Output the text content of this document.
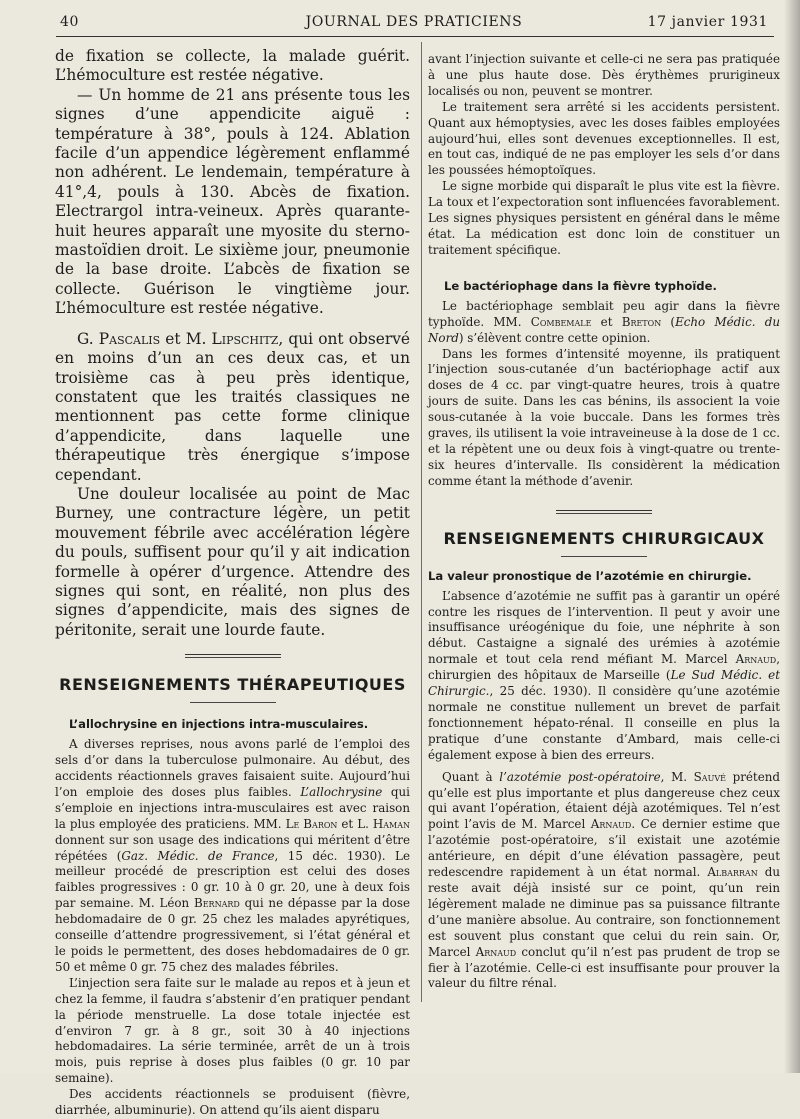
40	JOURNAL DES PRATICIENS	17 janvier 1931

de fixation se collecte, la malade guérit. L’hémoculture est restée négative.

— Un homme de 21 ans présente tous les signes d’une appendicite aiguë : température à 38°, pouls à 124. Ablation facile d’un appendice légèrement enflammé non adhérent. Le lendemain, température à 41°,4, pouls à 130. Abcès de fixation. Electrargol intra-veineux. Après quarante-huit heures apparaît une myosite du sterno-mastoïdien droit. Le sixième jour, pneumonie de la base droite. L’abcès de fixation se collecte. Guérison le vingtième jour. L’hémoculture est restée négative.

G. Pascalis et M. Lipschitz, qui ont observé en moins d’un an ces deux cas, et un troisième cas à peu près identique, constatent que les traités classiques ne mentionnent pas cette forme clinique d’appendicite, dans laquelle une thérapeutique très énergique s’impose cependant.

Une douleur localisée au point de Mac Burney, une contracture légère, un petit mouvement fébrile avec accélération légère du pouls, suffisent pour qu’il y ait indication formelle à opérer d’urgence. Attendre des signes qui sont, en réalité, non plus des signes d’appendicite, mais des signes de péritonite, serait une lourde faute.

RENSEIGNEMENTS THÉRAPEUTIQUES

L’allochrysine en injections intra-musculaires.

A diverses reprises, nous avons parlé de l’emploi des sels d’or dans la tuberculose pulmonaire. Au début, des accidents réactionnels graves faisaient suite. Aujourd’hui l’on emploie des doses plus faibles. L’allochrysine qui s’emploie en injections intra-musculaires est avec raison la plus employée des praticiens. MM. Le Baron et L. Haman donnent sur son usage des indications qui méritent d’être répétées (Gaz. Médic. de France, 15 déc. 1930). Le meilleur procédé de prescription est celui des doses faibles progressives : 0 gr. 10 à 0 gr. 20, une à deux fois par semaine. M. Léon Bernard qui ne dépasse par la dose hebdomadaire de 0 gr. 25 chez les malades apyrétiques, conseille d’attendre progressivement, si l’état général et le poids le permettent, des doses hebdomadaires de 0 gr. 50 et même 0 gr. 75 chez des malades fébriles.

L’injection sera faite sur le malade au repos et à jeun et chez la femme, il faudra s’abstenir d’en pratiquer pendant la période menstruelle. La dose totale injectée est d’environ 7 gr. à 8 gr., soit 30 à 40 injections hebdomadaires. La série terminée, arrêt de un à trois mois, puis reprise à doses plus faibles (0 gr. 10 par semaine).

Des accidents réactionnels se produisent (fièvre, diarrhée, albuminurie). On attend qu’ils aient disparu

avant l’injection suivante et celle-ci ne sera pas pratiquée à une plus haute dose. Dès érythèmes prurigineux localisés ou non, peuvent se montrer.

Le traitement sera arrêté si les accidents persistent. Quant aux hémoptysies, avec les doses faibles employées aujourd’hui, elles sont devenues exceptionnelles. Il est, en tout cas, indiqué de ne pas employer les sels d’or dans les poussées hémoptoïques.

Le signe morbide qui disparaît le plus vite est la fièvre. La toux et l’expectoration sont influencées favorablement. Les signes physiques persistent en général dans le même état. La médication est donc loin de constituer un traitement spécifique.

Le bactériophage dans la fièvre typhoïde.

Le bactériophage semblait peu agir dans la fièvre typhoïde. MM. Combemale et Breton (Echo Médic. du Nord) s’élèvent contre cette opinion.

Dans les formes d’intensité moyenne, ils pratiquent l’injection sous-cutanée d’un bactériophage actif aux doses de 4 cc. par vingt-quatre heures, trois à quatre jours de suite. Dans les cas bénins, ils associent la voie sous-cutanée à la voie buccale. Dans les formes très graves, ils utilisent la voie intraveineuse à la dose de 1 cc. et la répètent une ou deux fois à vingt-quatre ou trente-six heures d’intervalle. Ils considèrent la médication comme étant la méthode d’avenir.

RENSEIGNEMENTS CHIRURGICAUX

La valeur pronostique de l’azotémie en chirurgie.

L’absence d’azotémie ne suffit pas à garantir un opéré contre les risques de l’intervention. Il peut y avoir une insuffisance uréogénique du foie, une néphrite à son début. Castaigne a signalé des urémies à azotémie normale et tout cela rend méfiant M. Marcel Arnaud, chirurgien des hôpitaux de Marseille (Le Sud Médic. et Chirurgic., 25 déc. 1930). Il considère qu’une azotémie normale ne constitue nullement un brevet de parfait fonctionnement hépato-rénal. Il conseille en plus la pratique d’une constante d’Ambard, mais celle-ci également expose à bien des erreurs.

Quant à l’azotémie post-opératoire, M. Sauvé prétend qu’elle est plus importante et plus dangereuse chez ceux qui avant l’opération, étaient déjà azotémiques. Tel n’est point l’avis de M. Marcel Arnaud. Ce dernier estime que l’azotémie post-opératoire, s’il existait une azotémie antérieure, en dépit d’une élévation passagère, peut redescendre rapidement à un état normal. Albarran du reste avait déjà insisté sur ce point, qu’un rein légèrement malade ne diminue pas sa puissance filtrante d’une manière absolue. Au contraire, son fonctionnement est souvent plus constant que celui du rein sain. Or, Marcel Arnaud conclut qu’il n’est pas prudent de trop se fier à l’azotémie. Celle-ci est insuffisante pour prouver la valeur du filtre rénal.
